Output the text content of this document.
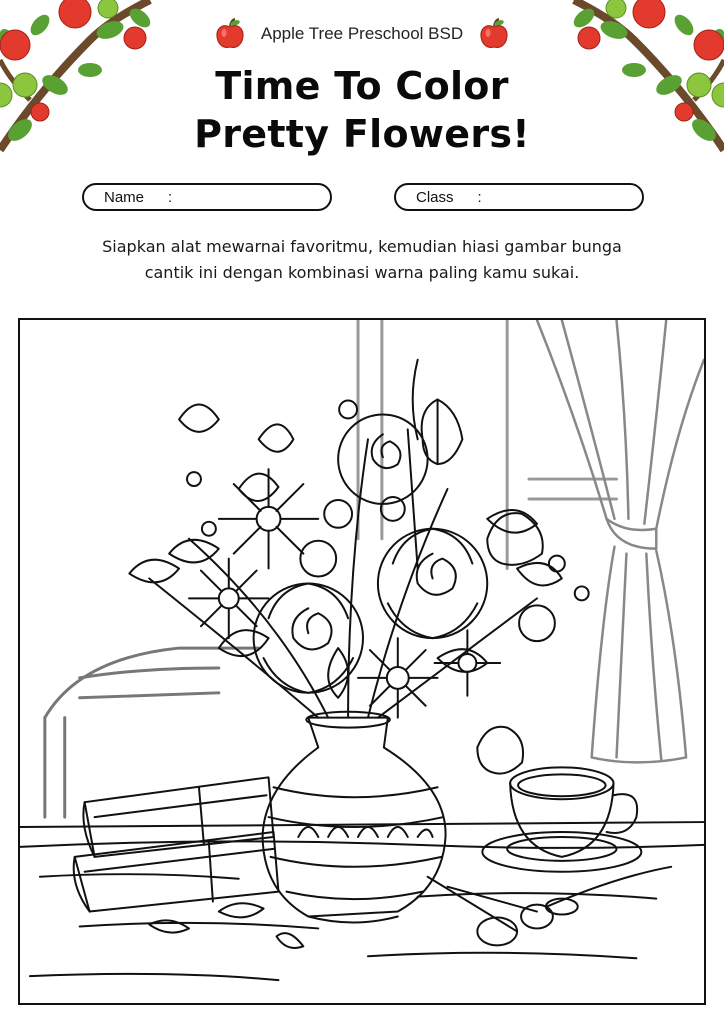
Apple Tree Preschool BSD
Time To Color
Pretty Flowers!
Name :	Class :
Siapkan alat mewarnai favoritmu, kemudian hiasi gambar bunga
cantik ini dengan kombinasi warna paling kamu sukai.
